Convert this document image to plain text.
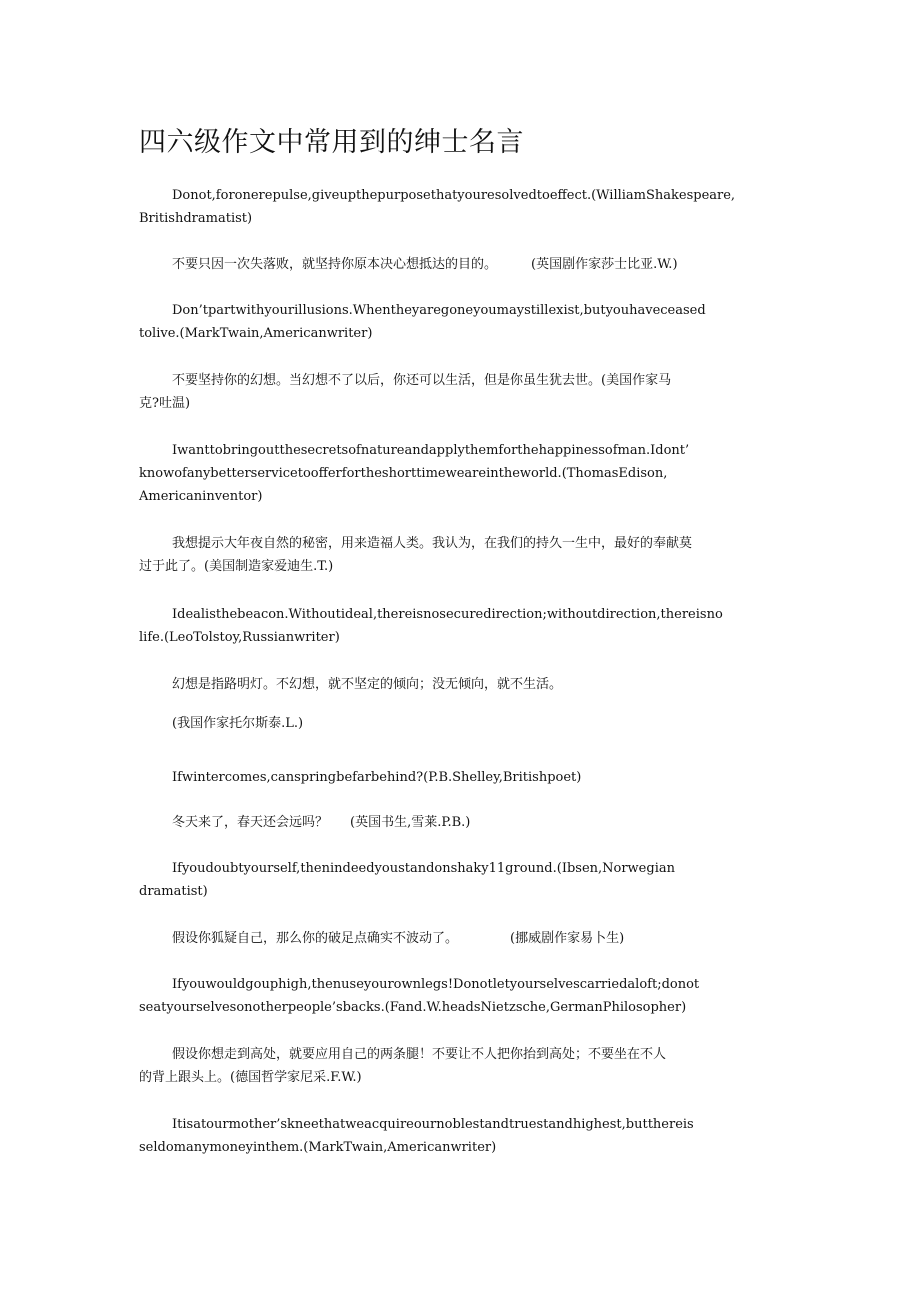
四六级作文中常用到的绅士名言
Donot,foronerepulse,giveupthepurposethatyouresolvedtoeffect.(WilliamShakespeare,
Britishdramatist)
不要只因一次失落败，就坚持你原本决心想抵达的目的。	(英国剧作家莎士比亚.W.)
Don’tpartwithyourillusions.Whentheyaregoneyoumaystillexist,butyouhaveceased
tolive.(MarkTwain,Americanwriter)
不要坚持你的幻想。当幻想不了以后，你还可以生活，但是你虽生犹去世。(美国作家马
克?吐温)
Iwanttobringoutthesecretsofnatureandapplythemforthehappinessofman.Idont’
knowofanybetterservicetoofferfortheshorttimeweareintheworld.(ThomasEdison,
Americaninventor)
我想提示大年夜自然的秘密，用来造福人类。我认为，在我们的持久一生中，最好的奉献莫
过于此了。(美国制造家爱迪生.T.)
Idealisthebeacon.Withoutideal,thereisnosecuredirection;withoutdirection,thereisno
life.(LeoTolstoy,Russianwriter)
幻想是指路明灯。不幻想，就不坚定的倾向；没无倾向，就不生活。
(我国作家托尔斯泰.L.)
Ifwintercomes,canspringbefarbehind?(P.B.Shelley,Britishpoet)
冬天来了，春天还会远吗？ (英国书生,雪莱.P.B.)
Ifyoudoubtyourself,thenindeedyoustandonshaky11ground.(Ibsen,Norwegian
dramatist)
假设你狐疑自己，那么你的破足点确实不波动了。	(挪威剧作家易卜生)
Ifyouwouldgouphigh,thenuseyourownlegs!Donotletyourselvescarriedaloft;donot
seatyourselvesonotherpeople’sbacks.(Fand.W.headsNietzsche,GermanPhilosopher)
假设你想走到高处，就要应用自己的两条腿！不要让不人把你抬到高处；不要坐在不人
的背上跟头上。(德国哲学家尼采.F.W.)
Itisatourmother’skneethatweacquireournoblestandtruestandhighest,butthereis
seldomanymoneyinthem.(MarkTwain,Americanwriter)
